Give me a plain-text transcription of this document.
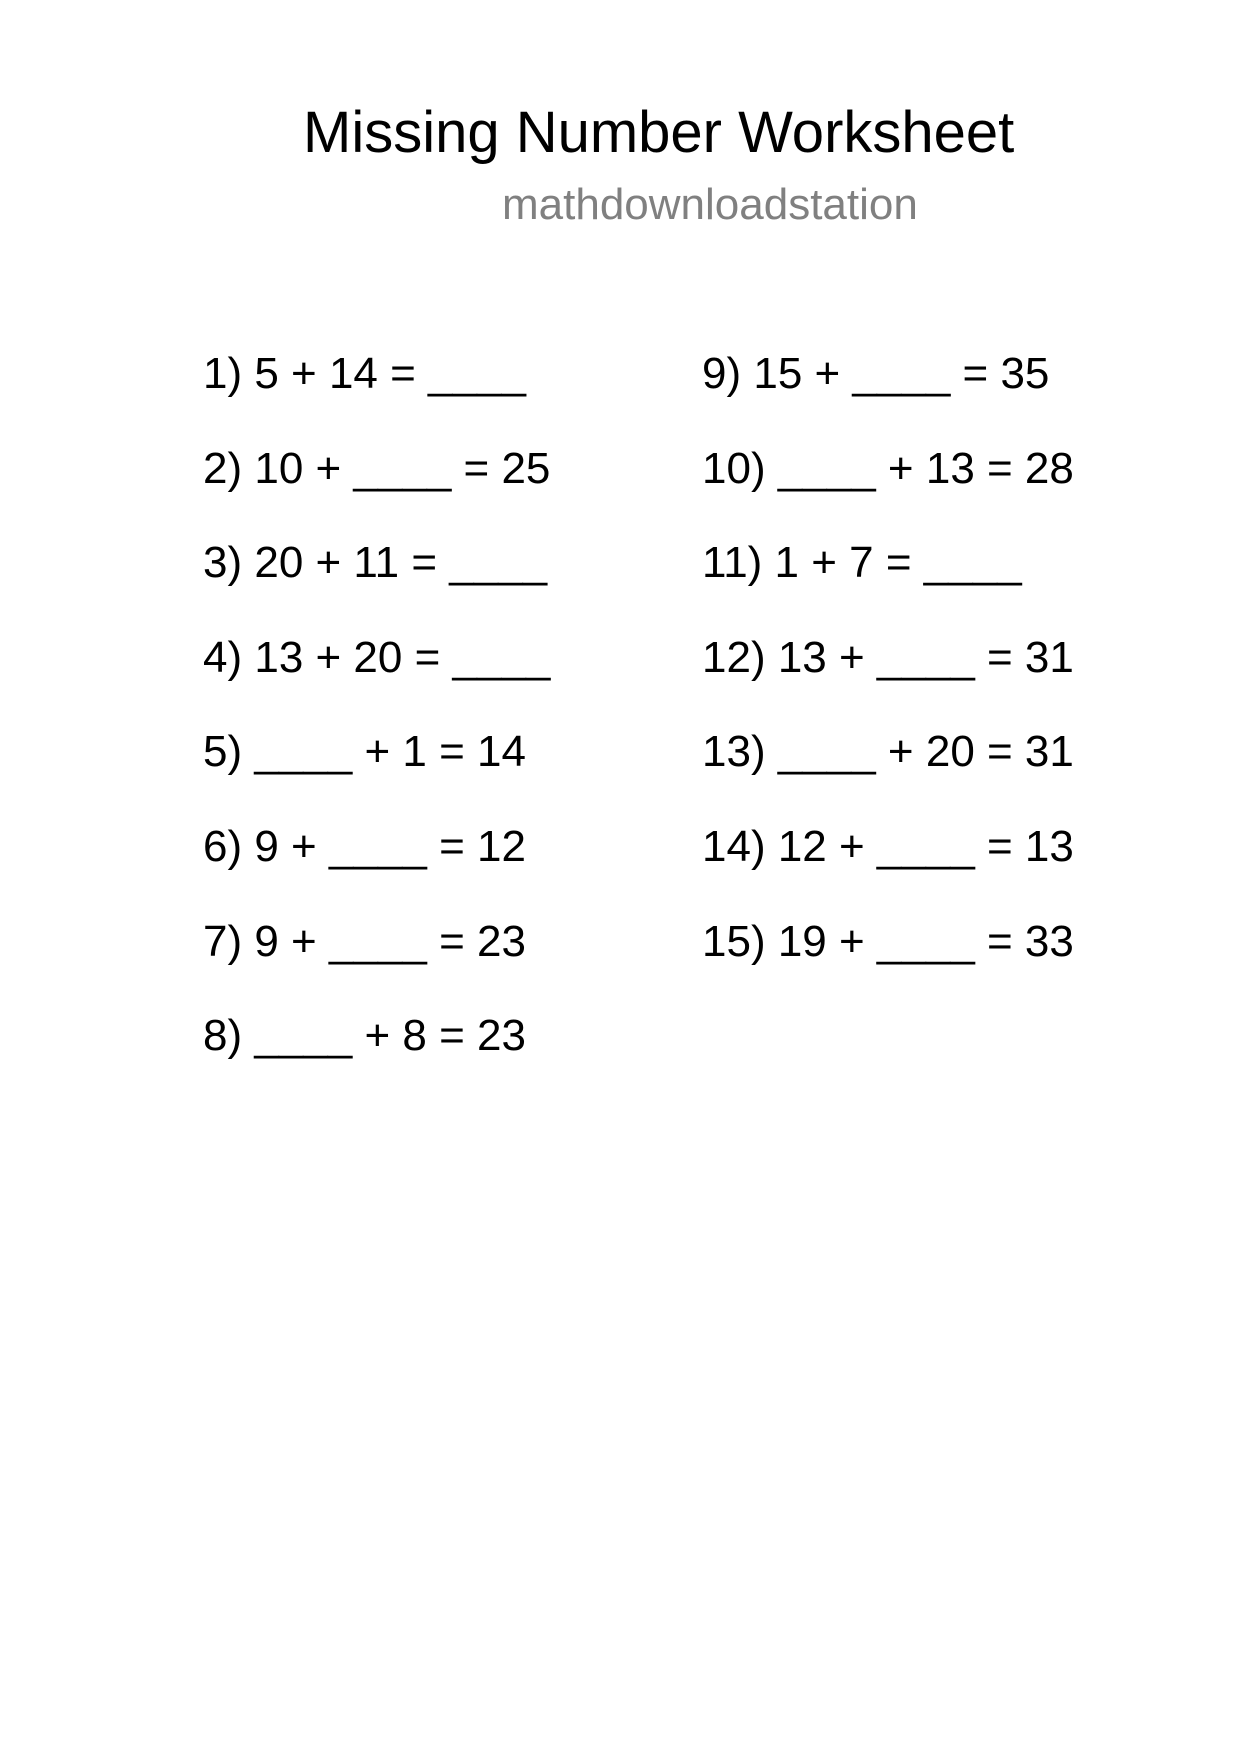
Missing Number Worksheet
mathdownloadstation
1) 5 + 14 = ____
2) 10 + ____ = 25
3) 20 + 11 = ____
4) 13 + 20 = ____
5) ____ + 1 = 14
6) 9 + ____ = 12
7) 9 + ____ = 23
8) ____ + 8 = 23
9) 15 + ____ = 35
10) ____ + 13 = 28
11) 1 + 7 = ____
12) 13 + ____ = 31
13) ____ + 20 = 31
14) 12 + ____ = 13
15) 19 + ____ = 33
